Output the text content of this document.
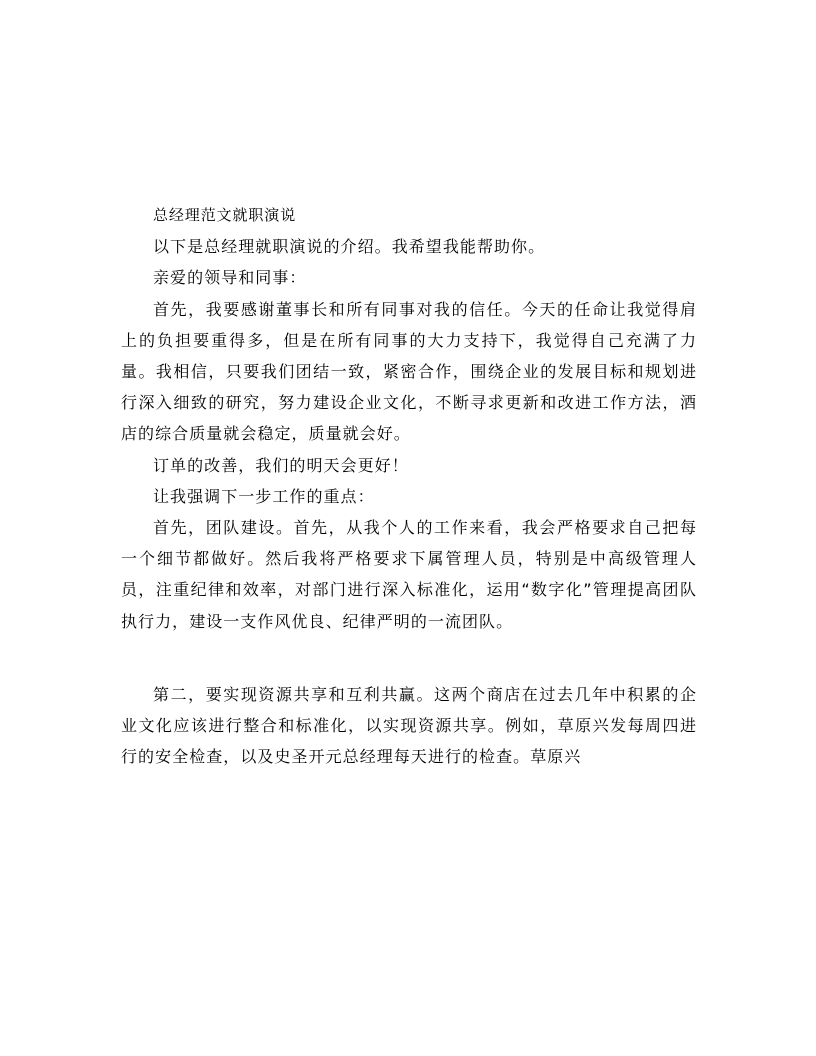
总经理范文就职演说

以下是总经理就职演说的介绍。我希望我能帮助你。

亲爱的领导和同事：

首先，我要感谢董事长和所有同事对我的信任。今天的任命让我觉得肩上的负担要重得多，但是在所有同事的大力支持下，我觉得自己充满了力量。我相信，只要我们团结一致，紧密合作，围绕企业的发展目标和规划进行深入细致的研究，努力建设企业文化，不断寻求更新和改进工作方法，酒店的综合质量就会稳定，质量就会好。

订单的改善，我们的明天会更好！

让我强调下一步工作的重点：

首先，团队建设。首先，从我个人的工作来看，我会严格要求自己把每一个细节都做好。然后我将严格要求下属管理人员，特别是中高级管理人员，注重纪律和效率，对部门进行深入标准化，运用“数字化”管理提高团队执行力，建设一支作风优良、纪律严明的一流团队。

第二，要实现资源共享和互利共赢。这两个商店在过去几年中积累的企业文化应该进行整合和标准化，以实现资源共享。例如，草原兴发每周四进行的安全检查，以及史圣开元总经理每天进行的检查。草原兴
